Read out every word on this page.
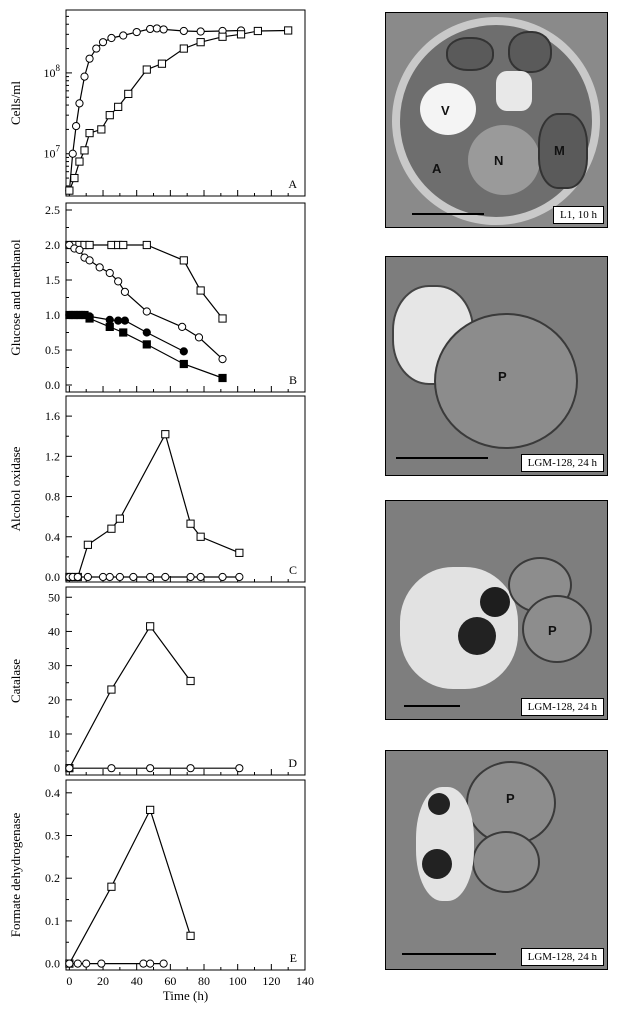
$10^7$
$10^8$
Cells/ml
A
0.0
0.5
1.0
1.5
2.0
2.5
Glucose and methanol
B
0.0
0.4
0.8
1.2
1.6
Alcohol oxidase
C
0
10
20
30
40
50
Catalase
D
0.0
0.1
0.2
0.3
0.4
0 20 40 60 80 100 120 140
Time (h)
Formate dehydrogenase
E
V
N
A
M
L1, 10 h
P
LGM-128, 24 h
P
LGM-128, 24 h
P
LGM-128, 24 h
